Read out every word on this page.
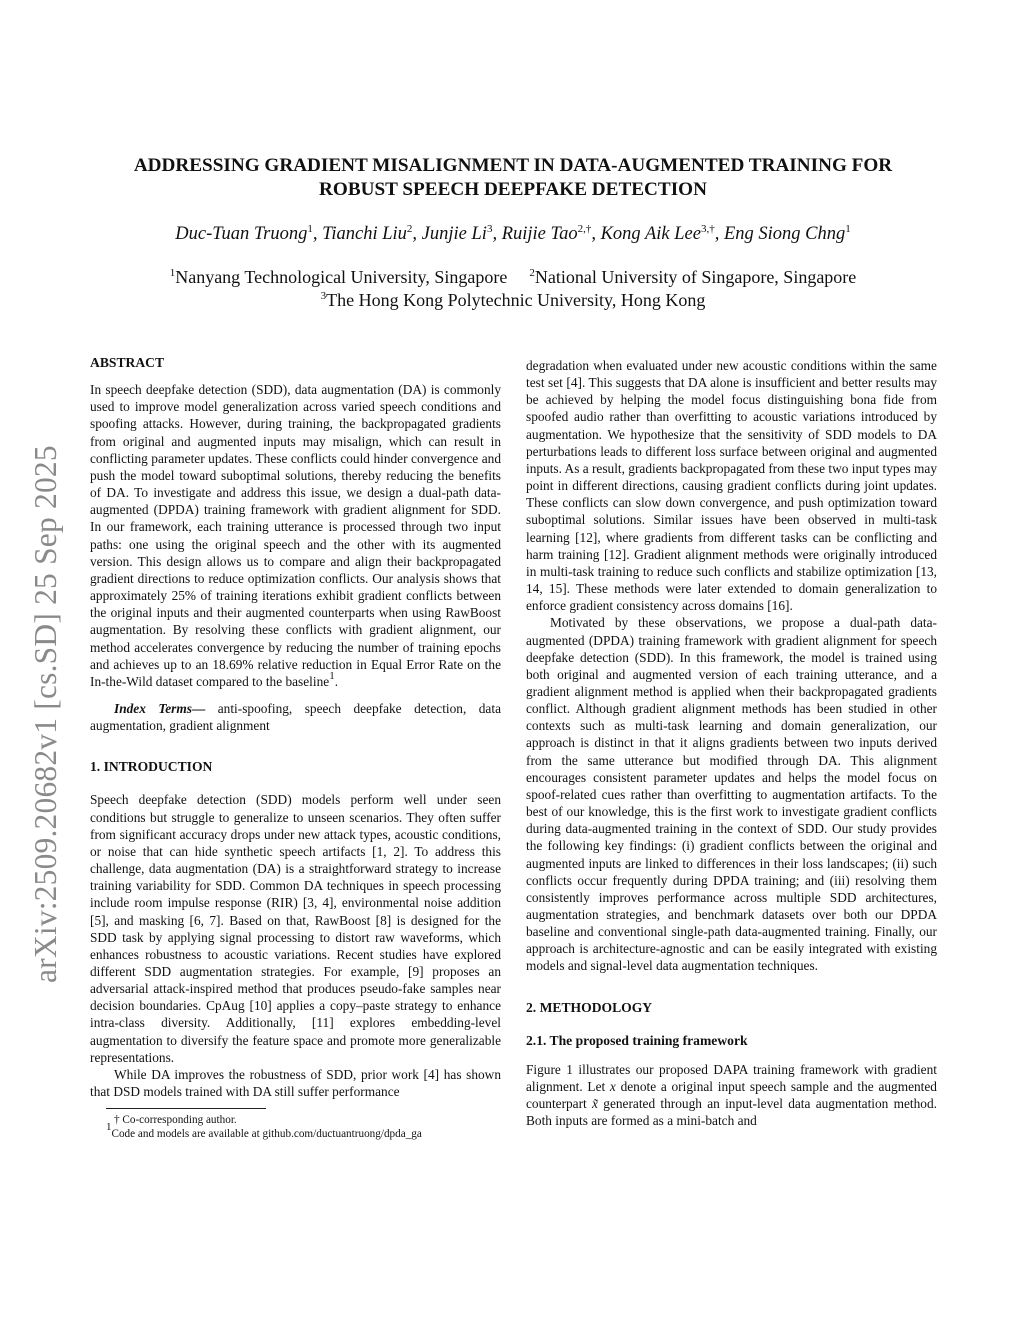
arXiv:2509.20682v1 [cs.SD] 25 Sep 2025
ADDRESSING GRADIENT MISALIGNMENT IN DATA-AUGMENTED TRAINING FOR
ROBUST SPEECH DEEPFAKE DETECTION
Duc-Tuan Truong$^1$, Tianchi Liu$^2$, Junjie Li$^3$, Ruijie Tao$^{2,\dagger}$, Kong Aik Lee$^{3,\dagger}$, Eng Siong Chng$^1$
$^1$Nanyang Technological University, Singapore $^2$National University of Singapore, Singapore
$^3$The Hong Kong Polytechnic University, Hong Kong

ABSTRACT

In speech deepfake detection (SDD), data augmentation (DA) is commonly used to improve model generalization across varied speech conditions and spoofing attacks. However, during training, the backpropagated gradients from original and augmented inputs may misalign, which can result in conflicting parameter updates. These conflicts could hinder convergence and push the model toward suboptimal solutions, thereby reducing the benefits of DA. To investigate and address this issue, we design a dual-path data-augmented (DPDA) training framework with gradient alignment for SDD. In our framework, each training utterance is processed through two input paths: one using the original speech and the other with its augmented version. This design allows us to compare and align their backpropagated gradient directions to reduce optimization conflicts. Our analysis shows that approximately 25% of training iterations exhibit gradient conflicts between the original inputs and their augmented counterparts when using RawBoost augmentation. By resolving these conflicts with gradient alignment, our method accelerates convergence by reducing the number of training epochs and achieves up to an 18.69% relative reduction in Equal Error Rate on the In-the-Wild dataset compared to the baseline$^1$.

Index Terms— anti-spoofing, speech deepfake detection, data augmentation, gradient alignment

1. INTRODUCTION

Speech deepfake detection (SDD) models perform well under seen conditions but struggle to generalize to unseen scenarios. They often suffer from significant accuracy drops under new attack types, acoustic conditions, or noise that can hide synthetic speech artifacts [1, 2]. To address this challenge, data augmentation (DA) is a straightforward strategy to increase training variability for SDD. Common DA techniques in speech processing include room impulse response (RIR) [3, 4], environmental noise addition [5], and masking [6, 7]. Based on that, RawBoost [8] is designed for the SDD task by applying signal processing to distort raw waveforms, which enhances robustness to acoustic variations. Recent studies have explored different SDD augmentation strategies. For example, [9] proposes an adversarial attack-inspired method that produces pseudo-fake samples near decision boundaries. CpAug [10] applies a copy–paste strategy to enhance intra-class diversity. Additionally, [11] explores embedding-level augmentation to diversify the feature space and promote more generalizable representations.

While DA improves the robustness of SDD, prior work [4] has shown that DSD models trained with DA still suffer performance

† Co-corresponding author.

$^1$Code and models are available at github.com/ductuantruong/dpda_ga

degradation when evaluated under new acoustic conditions within the same test set [4]. This suggests that DA alone is insufficient and better results may be achieved by helping the model focus distinguishing bona fide from spoofed audio rather than overfitting to acoustic variations introduced by augmentation. We hypothesize that the sensitivity of SDD models to DA perturbations leads to different loss surface between original and augmented inputs. As a result, gradients backpropagated from these two input types may point in different directions, causing gradient conflicts during joint updates. These conflicts can slow down convergence, and push optimization toward suboptimal solutions. Similar issues have been observed in multi-task learning [12], where gradients from different tasks can be conflicting and harm training [12]. Gradient alignment methods were originally introduced in multi-task training to reduce such conflicts and stabilize optimization [13, 14, 15]. These methods were later extended to domain generalization to enforce gradient consistency across domains [16].

Motivated by these observations, we propose a dual-path data-augmented (DPDA) training framework with gradient alignment for speech deepfake detection (SDD). In this framework, the model is trained using both original and augmented version of each training utterance, and a gradient alignment method is applied when their backpropagated gradients conflict. Although gradient alignment methods has been studied in other contexts such as multi-task learning and domain generalization, our approach is distinct in that it aligns gradients between two inputs derived from the same utterance but modified through DA. This alignment encourages consistent parameter updates and helps the model focus on spoof-related cues rather than overfitting to augmentation artifacts. To the best of our knowledge, this is the first work to investigate gradient conflicts during data-augmented training in the context of SDD. Our study provides the following key findings: (i) gradient conflicts between the original and augmented inputs are linked to differences in their loss landscapes; (ii) such conflicts occur frequently during DPDA training; and (iii) resolving them consistently improves performance across multiple SDD architectures, augmentation strategies, and benchmark datasets over both our DPDA baseline and conventional single-path data-augmented training. Finally, our approach is architecture-agnostic and can be easily integrated with existing models and signal-level data augmentation techniques.

2. METHODOLOGY

2.1. The proposed training framework

Figure 1 illustrates our proposed DAPA training framework with gradient alignment. Let x denote a original input speech sample and the augmented counterpart x̃ generated through an input-level data augmentation method. Both inputs are formed as a mini-batch and
